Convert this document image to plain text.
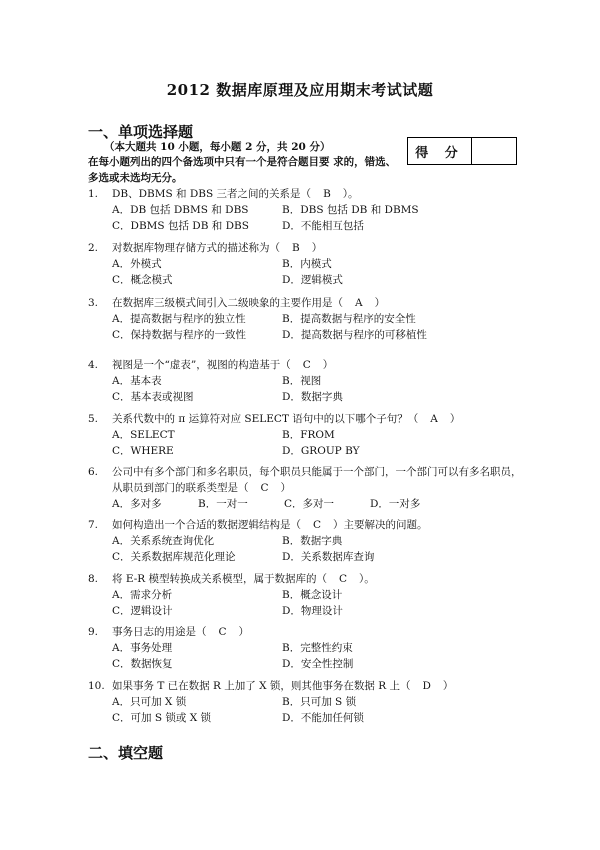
2012 数据库原理及应用期末考试试题
一、单项选择题
（本大题共 10 小题，每小题 2 分，共 20 分）
在每小题列出的四个备选项中只有一个是符合题目要 求的，错选、
多选或未选均无分。
得 分
1.	DB、DBMS 和 DBS 三者之间的关系是（ B ）。
A．DB 包括 DBMS 和 DBS	B．DBS 包括 DB 和 DBMS
C．DBMS 包括 DB 和 DBS	D．不能相互包括
2.	对数据库物理存储方式的描述称为（ B ）
A．外模式	B．内模式
C．概念模式	D．逻辑模式
3.	在数据库三级模式间引入二级映象的主要作用是（ A ）
A．提高数据与程序的独立性	B．提高数据与程序的安全性
C．保持数据与程序的一致性	D．提高数据与程序的可移植性
4.	视图是一个“虚表”，视图的构造基于（ C ）
A．基本表	B．视图
C．基本表或视图	D．数据字典
5.	关系代数中的 π 运算符对应 SELECT 语句中的以下哪个子句？（ A ）
A．SELECT	B．FROM
C．WHERE	D．GROUP BY
6.	公司中有多个部门和多名职员，每个职员只能属于一个部门，一个部门可以有多名职员，从职员到部门的联系类型是（ C ）
A．多对多	B．一对一	C．多对一	D．一对多
7.	如何构造出一个合适的数据逻辑结构是（ C ）主要解决的问题。
A．关系系统查询优化	B．数据字典
C．关系数据库规范化理论	D．关系数据库查询
8.	将 E-R 模型转换成关系模型，属于数据库的（ C ）。
A．需求分析	B．概念设计
C．逻辑设计	D．物理设计
9.	事务日志的用途是（ C ）
A．事务处理	B．完整性约束
C．数据恢复	D．安全性控制
10. 如果事务 T 已在数据 R 上加了 X 锁，则其他事务在数据 R 上（ D ）
A．只可加 X 锁	B．只可加 S 锁
C．可加 S 锁或 X 锁	D．不能加任何锁
二、填空题
